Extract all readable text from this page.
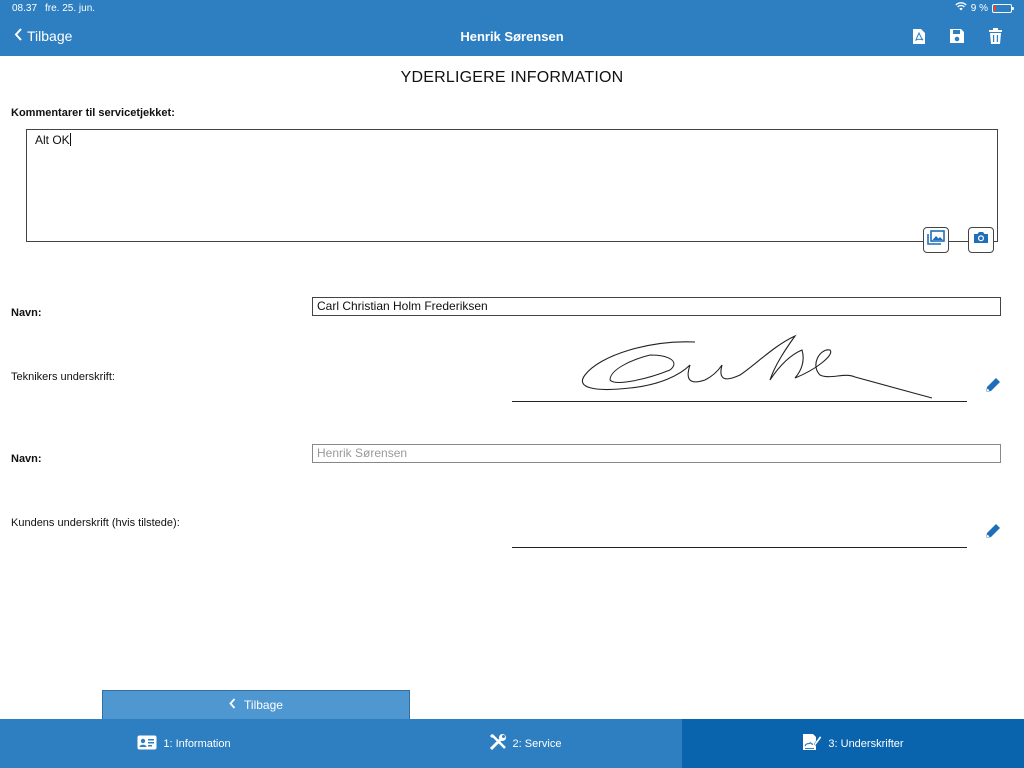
08.37 fre. 25. jun.	9 %
Tilbage	Henrik Sørensen
YDERLIGERE INFORMATION
Kommentarer til servicetjekket:
Alt OK
Navn:	Carl Christian Holm Frederiksen
Teknikers underskrift:
Navn:	Henrik Sørensen
Kundens underskrift (hvis tilstede):
Tilbage
1: Information	2: Service	3: Underskrifter
